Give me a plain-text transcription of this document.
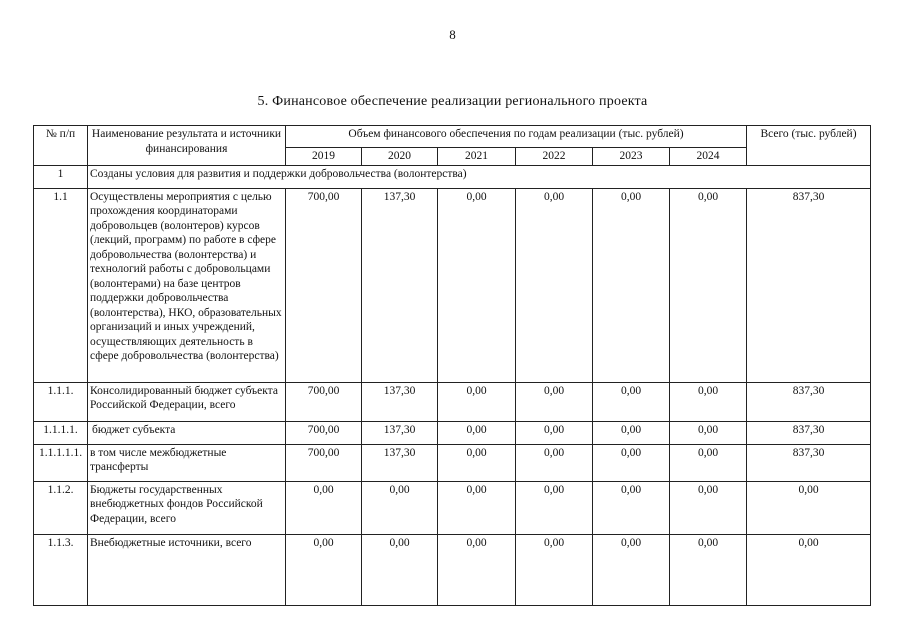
8
5. Финансовое обеспечение реализации регионального проекта
№ п/п	Наименование результата и источники финансирования	Объем финансового обеспечения по годам реализации (тыс. рублей)						Всего (тыс. рублей)
		2019	2020	2021	2022	2023	2024	
1	Созданы условия для развития и поддержки добровольчества (волонтерства)							
1.1	Осуществлены мероприятия с целью прохождения координаторами добровольцев (волонтеров) курсов (лекций, программ) по работе в сфере добровольчества (волонтерства) и технологий работы с добровольцами (волонтерами) на базе центров поддержки добровольчества (волонтерства), НКО, образовательных организаций и иных учреждений, осуществляющих деятельность в сфере добровольчества (волонтерства)	700,00	137,30	0,00	0,00	0,00	0,00	837,30
1.1.1.	Консолидированный бюджет субъекта Российской Федерации, всего	700,00	137,30	0,00	0,00	0,00	0,00	837,30
1.1.1.1.	бюджет субъекта	700,00	137,30	0,00	0,00	0,00	0,00	837,30
1.1.1.1.1.	в том числе межбюджетные трансферты	700,00	137,30	0,00	0,00	0,00	0,00	837,30
1.1.2.	Бюджеты государственных внебюджетных фондов Российской Федерации, всего	0,00	0,00	0,00	0,00	0,00	0,00	0,00
1.1.3.	Внебюджетные источники, всего	0,00	0,00	0,00	0,00	0,00	0,00	0,00
